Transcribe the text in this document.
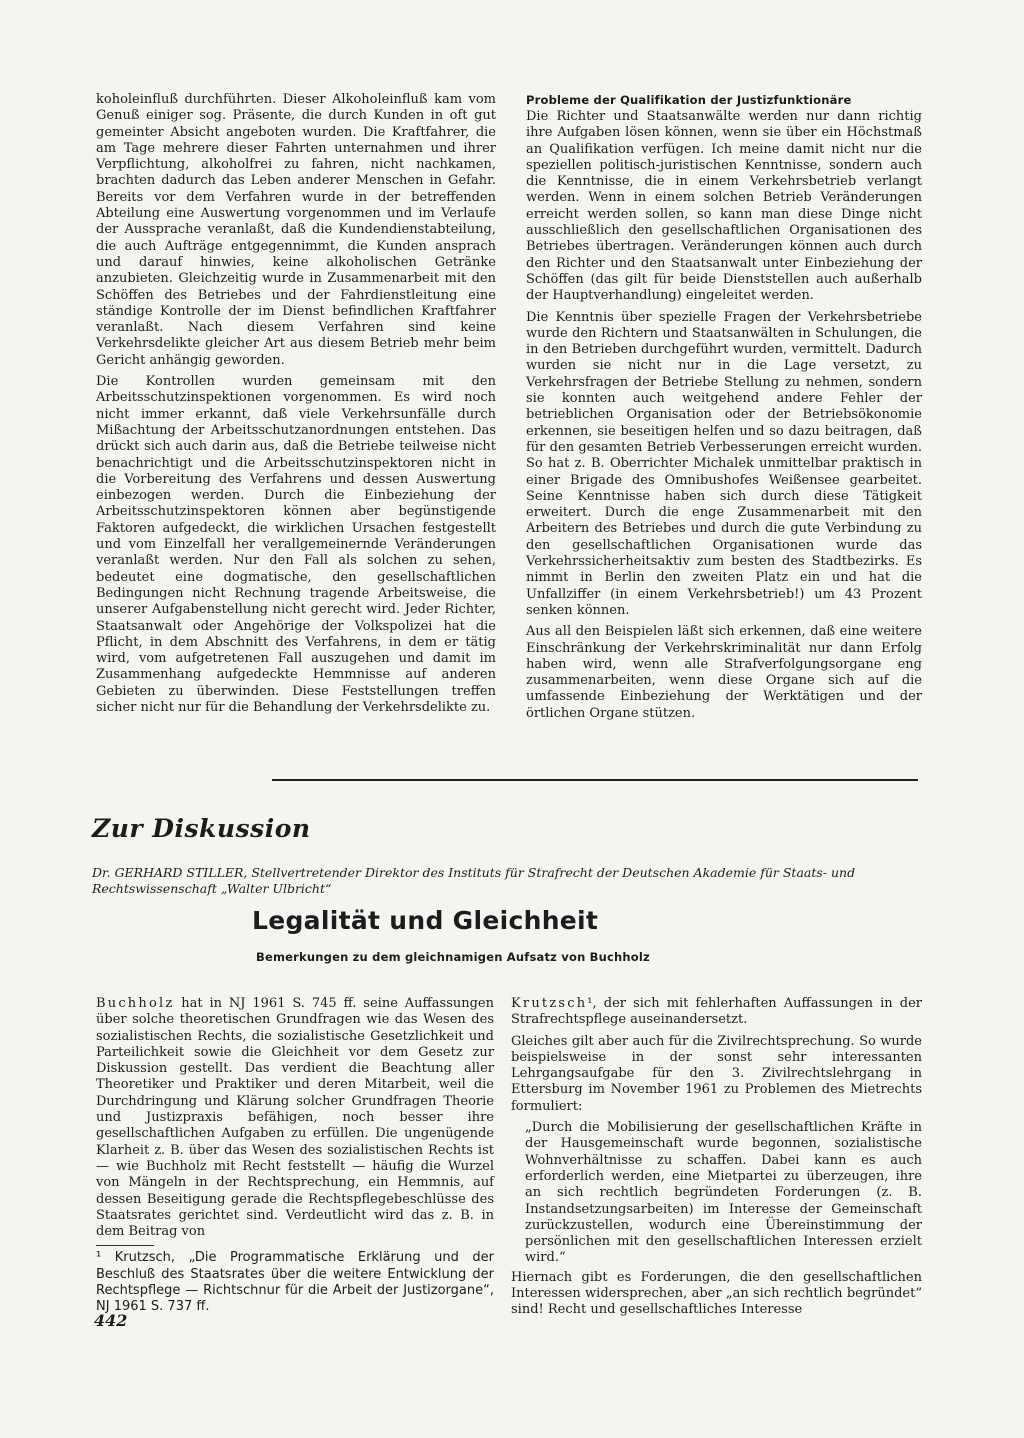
koholeinfluß durchführten. Dieser Alkoholeinfluß kam vom Genuß einiger sog. Präsente, die durch Kunden in oft gut gemeinter Absicht angeboten wurden. Die Kraftfahrer, die am Tage mehrere dieser Fahrten unternahmen und ihrer Verpflichtung, alkoholfrei zu fahren, nicht nachkamen, brachten dadurch das Leben anderer Menschen in Gefahr. Bereits vor dem Verfahren wurde in der betreffenden Abteilung eine Auswertung vorgenommen und im Verlaufe der Aussprache veranlaßt, daß die Kundendienstabteilung, die auch Aufträge entgegennimmt, die Kunden ansprach und darauf hinwies, keine alkoholischen Getränke anzubieten. Gleichzeitig wurde in Zusammenarbeit mit den Schöffen des Betriebes und der Fahrdienstleitung eine ständige Kontrolle der im Dienst befindlichen Kraftfahrer veranlaßt. Nach diesem Verfahren sind keine Verkehrsdelikte gleicher Art aus diesem Betrieb mehr beim Gericht anhängig geworden.

Die Kontrollen wurden gemeinsam mit den Arbeitsschutzinspektionen vorgenommen. Es wird noch nicht immer erkannt, daß viele Verkehrsunfälle durch Mißachtung der Arbeitsschutzanordnungen entstehen. Das drückt sich auch darin aus, daß die Betriebe teilweise nicht benachrichtigt und die Arbeitsschutzinspektoren nicht in die Vorbereitung des Verfahrens und dessen Auswertung einbezogen werden. Durch die Einbeziehung der Arbeitsschutzinspektoren können aber begünstigende Faktoren aufgedeckt, die wirklichen Ursachen festgestellt und vom Einzelfall her verallgemeinernde Veränderungen veranlaßt werden. Nur den Fall als solchen zu sehen, bedeutet eine dogmatische, den gesellschaftlichen Bedingungen nicht Rechnung tragende Arbeitsweise, die unserer Aufgabenstellung nicht gerecht wird. Jeder Richter, Staatsanwalt oder Angehörige der Volkspolizei hat die Pflicht, in dem Abschnitt des Verfahrens, in dem er tätig wird, vom aufgetretenen Fall auszugehen und damit im Zusammenhang aufgedeckte Hemmnisse auf anderen Gebieten zu überwinden. Diese Feststellungen treffen sicher nicht nur für die Behandlung der Verkehrsdelikte zu.

Probleme der Qualifikation der Justizfunktionäre

Die Richter und Staatsanwälte werden nur dann richtig ihre Aufgaben lösen können, wenn sie über ein Höchstmaß an Qualifikation verfügen. Ich meine damit nicht nur die speziellen politisch-juristischen Kenntnisse, sondern auch die Kenntnisse, die in einem Verkehrsbetrieb verlangt werden. Wenn in einem solchen Betrieb Veränderungen erreicht werden sollen, so kann man diese Dinge nicht ausschließlich den gesellschaftlichen Organisationen des Betriebes übertragen. Veränderungen können auch durch den Richter und den Staatsanwalt unter Einbeziehung der Schöffen (das gilt für beide Dienststellen auch außerhalb der Hauptverhandlung) eingeleitet werden.

Die Kenntnis über spezielle Fragen der Verkehrsbetriebe wurde den Richtern und Staatsanwälten in Schulungen, die in den Betrieben durchgeführt wurden, vermittelt. Dadurch wurden sie nicht nur in die Lage versetzt, zu Verkehrsfragen der Betriebe Stellung zu nehmen, sondern sie konnten auch weitgehend andere Fehler der betrieblichen Organisation oder der Betriebsökonomie erkennen, sie beseitigen helfen und so dazu beitragen, daß für den gesamten Betrieb Verbesserungen erreicht wurden. So hat z. B. Oberrichter Michalek unmittelbar praktisch in einer Brigade des Omnibushofes Weißensee gearbeitet. Seine Kenntnisse haben sich durch diese Tätigkeit erweitert. Durch die enge Zusammenarbeit mit den Arbeitern des Betriebes und durch die gute Verbindung zu den gesellschaftlichen Organisationen wurde das Verkehrssicherheitsaktiv zum besten des Stadtbezirks. Es nimmt in Berlin den zweiten Platz ein und hat die Unfallziffer (in einem Verkehrsbetrieb!) um 43 Prozent senken können.

Aus all den Beispielen läßt sich erkennen, daß eine weitere Einschränkung der Verkehrskriminalität nur dann Erfolg haben wird, wenn alle Strafverfolgungsorgane eng zusammenarbeiten, wenn diese Organe sich auf die umfassende Einbeziehung der Werktätigen und der örtlichen Organe stützen.

Zur Diskussion
Dr. GERHARD STILLER, Stellvertretender Direktor des Instituts für Strafrecht der Deutschen Akademie für Staats- und Rechtswissenschaft „Walter Ulbricht“
Legalität und Gleichheit
Bemerkungen zu dem gleichnamigen Aufsatz von Buchholz

Buchholz hat in NJ 1961 S. 745 ff. seine Auffassungen über solche theoretischen Grundfragen wie das Wesen des sozialistischen Rechts, die sozialistische Gesetzlichkeit und Parteilichkeit sowie die Gleichheit vor dem Gesetz zur Diskussion gestellt. Das verdient die Beachtung aller Theoretiker und Praktiker und deren Mitarbeit, weil die Durchdringung und Klärung solcher Grundfragen Theorie und Justizpraxis befähigen, noch besser ihre gesellschaftlichen Aufgaben zu erfüllen. Die ungenügende Klarheit z. B. über das Wesen des sozialistischen Rechts ist — wie Buchholz mit Recht feststellt — häufig die Wurzel von Mängeln in der Rechtsprechung, ein Hemmnis, auf dessen Beseitigung gerade die Rechtspflegebeschlüsse des Staatsrates gerichtet sind. Verdeutlicht wird das z. B. in dem Beitrag von

¹ Krutzsch, „Die Programmatische Erklärung und der Beschluß des Staatsrates über die weitere Entwicklung der Rechtspflege — Richtschnur für die Arbeit der Justizorgane“, NJ 1961 S. 737 ff.

Krutzsch¹, der sich mit fehlerhaften Auffassungen in der Strafrechtspflege auseinandersetzt.

Gleiches gilt aber auch für die Zivilrechtsprechung. So wurde beispielsweise in der sonst sehr interessanten Lehrgangsaufgabe für den 3. Zivilrechtslehrgang in Ettersburg im November 1961 zu Problemen des Mietrechts formuliert:

„Durch die Mobilisierung der gesellschaftlichen Kräfte in der Hausgemeinschaft wurde begonnen, sozialistische Wohnverhältnisse zu schaffen. Dabei kann es auch erforderlich werden, eine Mietpartei zu überzeugen, ihre an sich rechtlich begründeten Forderungen (z. B. Instandsetzungsarbeiten) im Interesse der Gemeinschaft zurückzustellen, wodurch eine Übereinstimmung der persönlichen mit den gesellschaftlichen Interessen erzielt wird.“

Hiernach gibt es Forderungen, die den gesellschaftlichen Interessen widersprechen, aber „an sich rechtlich begründet“ sind! Recht und gesellschaftliches Interesse

442
